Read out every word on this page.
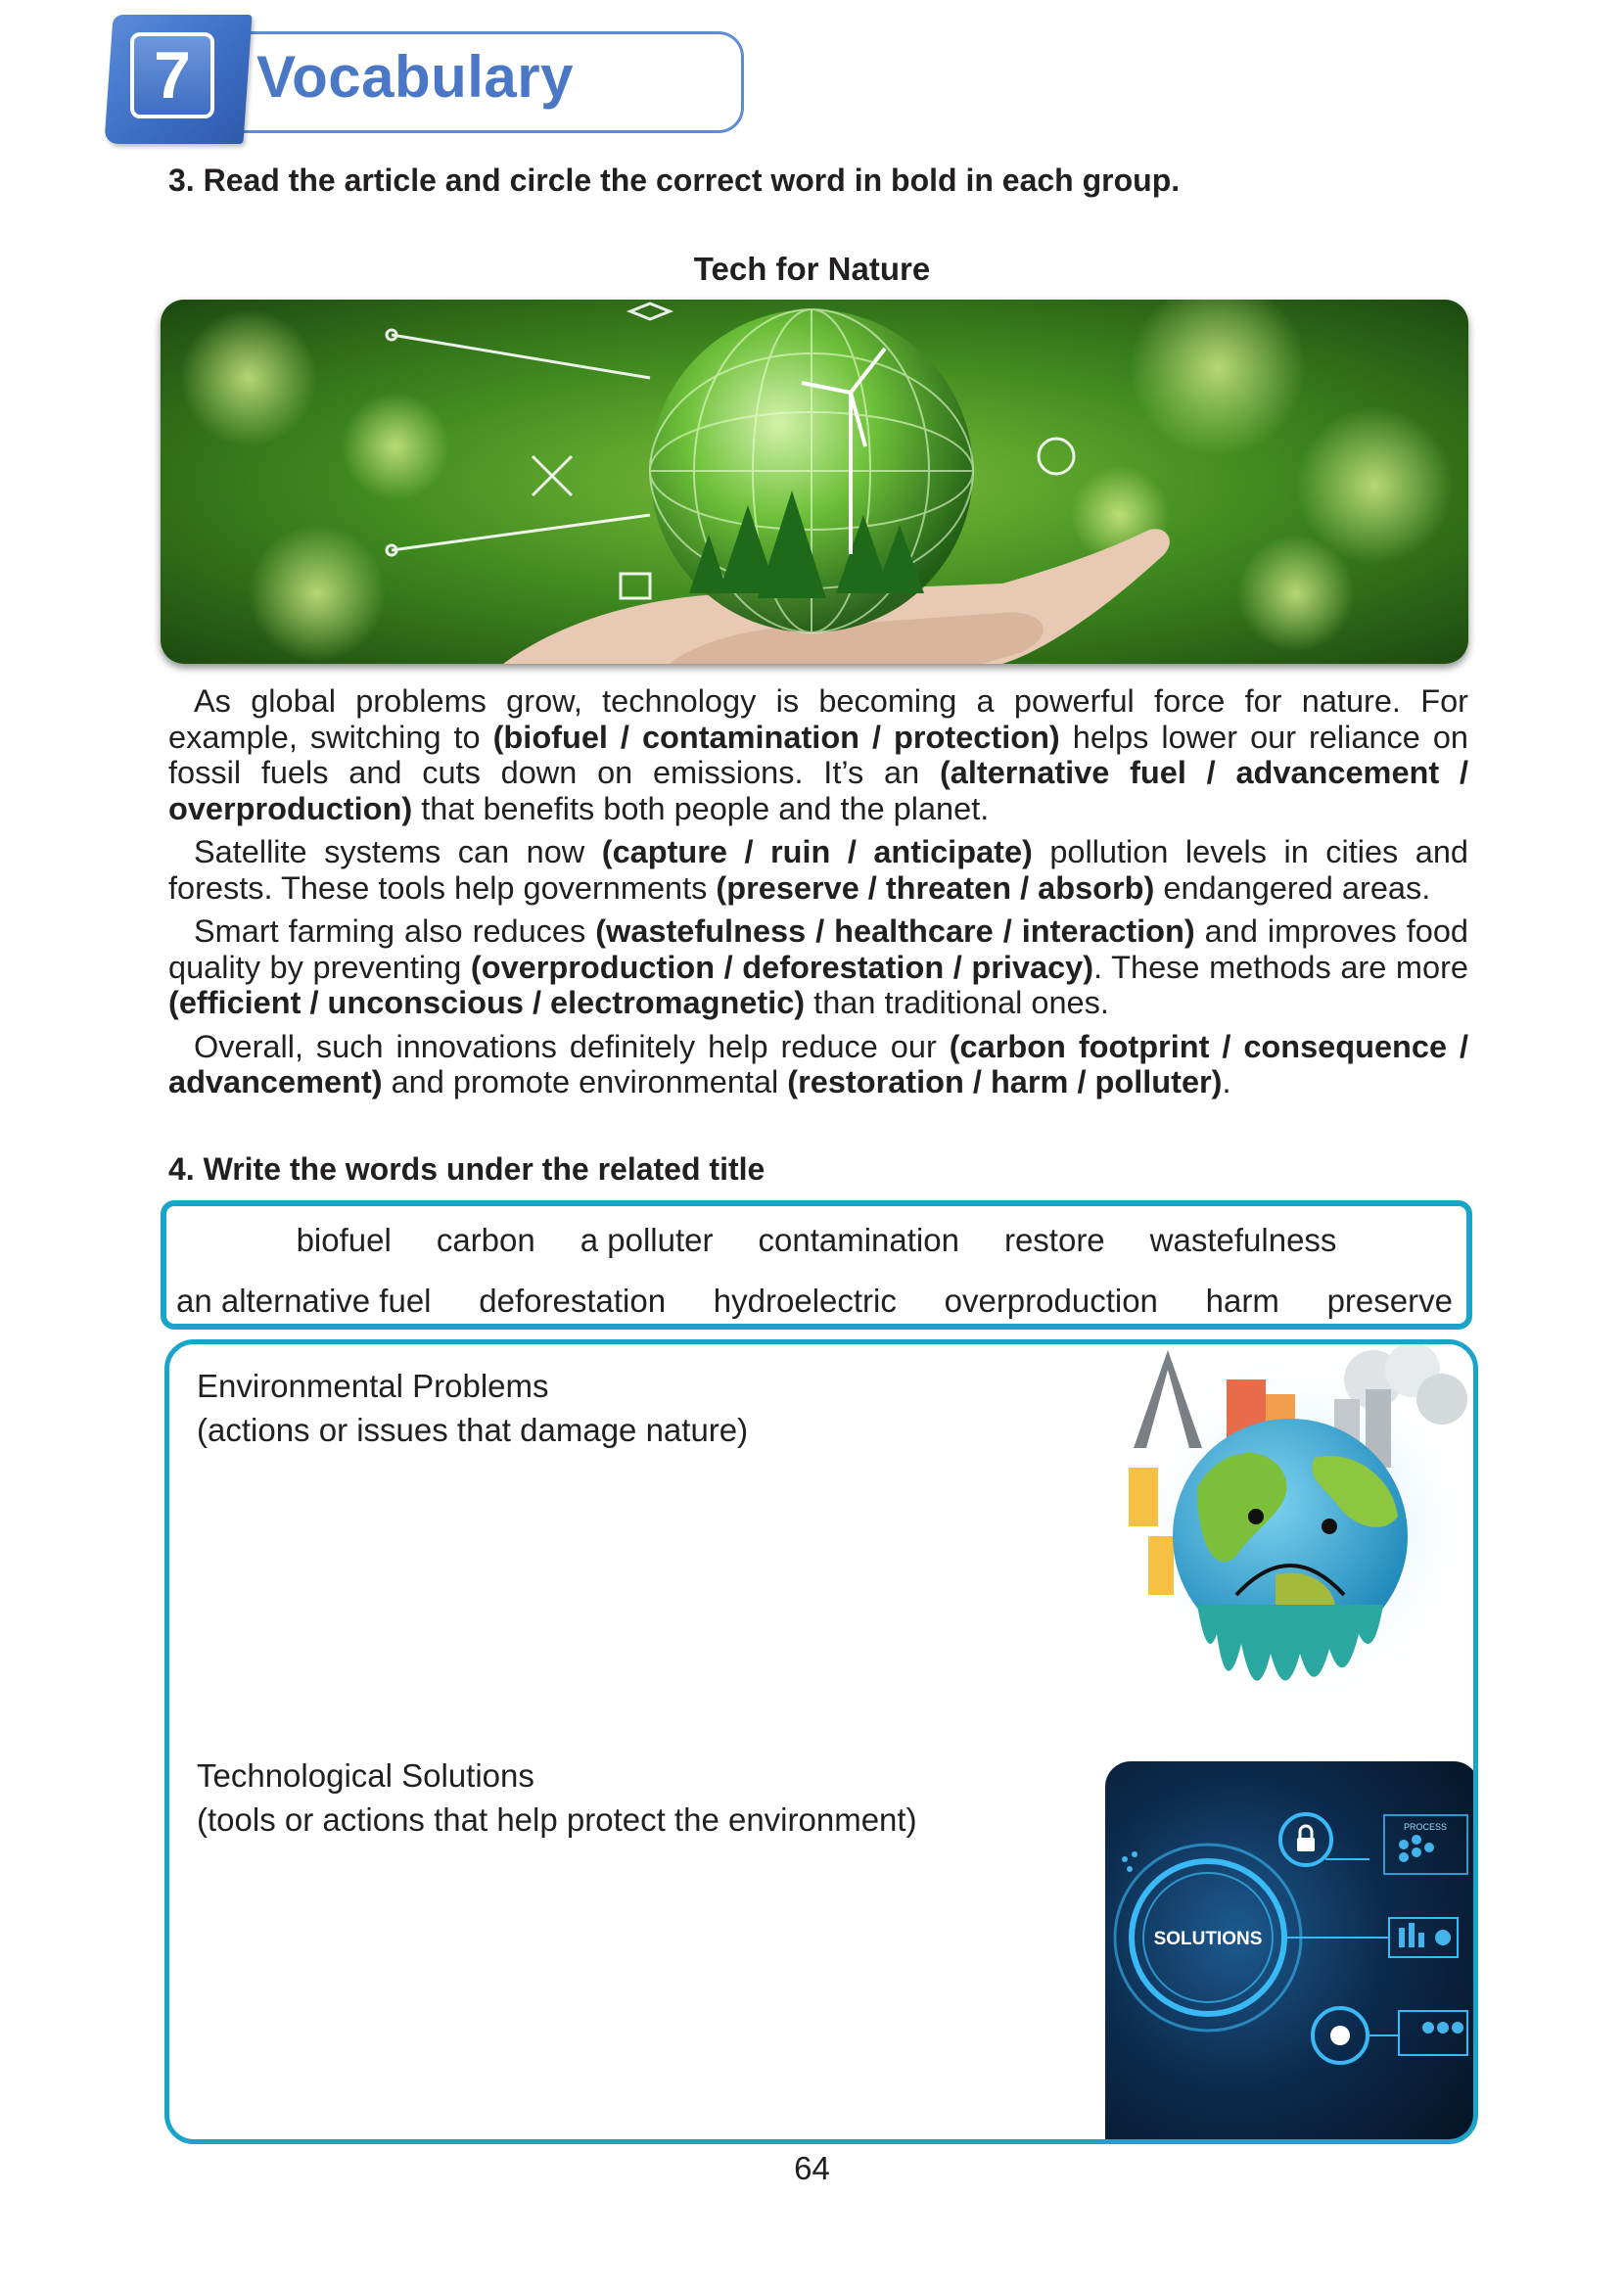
7	Vocabulary
3. Read the article and circle the correct word in bold in each group.
Tech for Nature

As global problems grow, technology is becoming a powerful force for nature. For example, switching to (biofuel / contamination / protection) helps lower our reliance on fossil fuels and cuts down on emissions. It’s an (alternative fuel / advancement / overproduction) that benefits both people and the planet.

Satellite systems can now (capture / ruin / anticipate) pollution levels in cities and forests. These tools help governments (preserve / threaten / absorb) endangered areas.

Smart farming also reduces (wastefulness / healthcare / interaction) and improves food quality by preventing (overproduction / deforestation / privacy). These methods are more (efficient / unconscious / electromagnetic) than traditional ones.

Overall, such innovations definitely help reduce our (carbon footprint / consequence / advancement) and promote environmental (restoration / harm / polluter).

4. Write the words under the related title
biofuel carbon a polluter contamination restore wastefulness
an alternative fuel deforestation hydroelectric overproduction harm preserve
Environmental Problems
(actions or issues that damage nature)
Technological Solutions
(tools or actions that help protect the environment)
SOLUTIONS
PROCESS
64
